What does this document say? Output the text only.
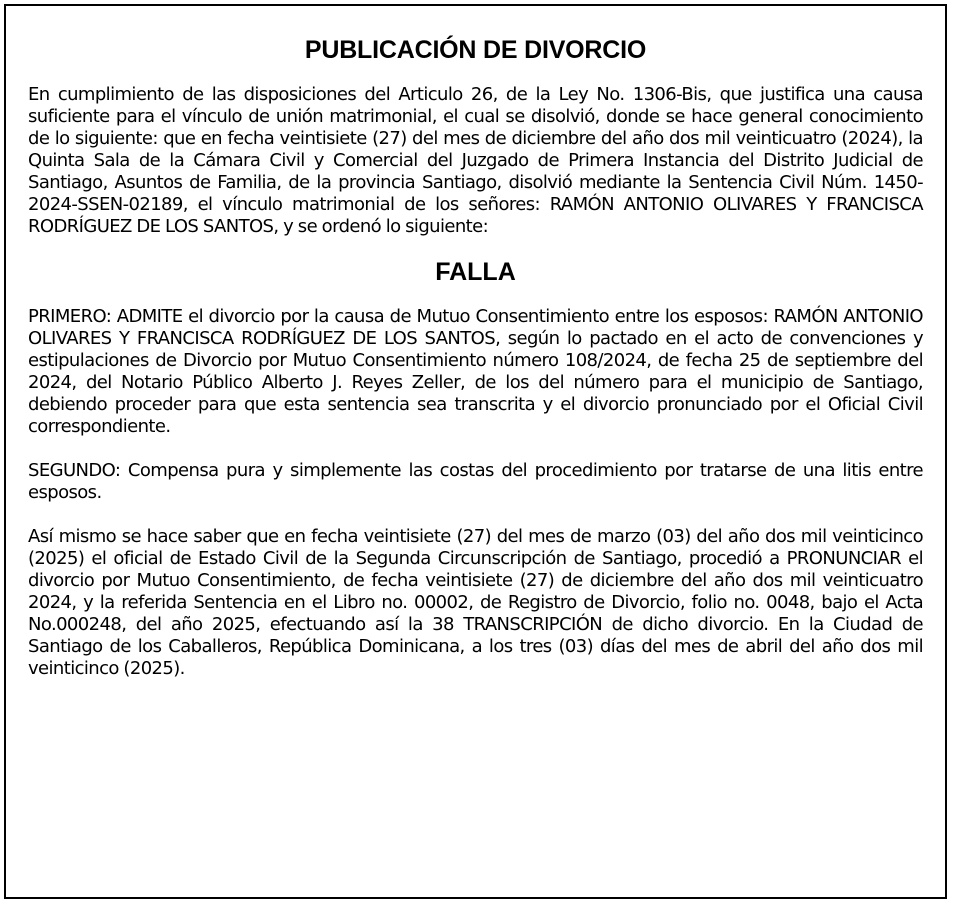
PUBLICACIÓN DE DIVORCIO

En cumplimiento de las disposiciones del Articulo 26, de la Ley No. 1306-Bis, que justifica una causa suficiente para el vínculo de unión matrimonial, el cual se disolvió, donde se hace general conocimiento de lo siguiente: que en fecha veintisiete (27) del mes de diciembre del año dos mil veinticuatro (2024), la Quinta Sala de la Cámara Civil y Comercial del Juzgado de Primera Instancia del Distrito Judicial de Santiago, Asuntos de Familia, de la provincia Santiago, disolvió mediante la Sentencia Civil Núm. 1450-2024-SSEN-02189, el vínculo matrimonial de los señores: RAMÓN ANTONIO OLIVARES Y FRANCISCA RODRÍGUEZ DE LOS SANTOS, y se ordenó lo siguiente:

FALLA

PRIMERO: ADMITE el divorcio por la causa de Mutuo Consentimiento entre los esposos: RAMÓN ANTONIO OLIVARES Y FRANCISCA RODRÍGUEZ DE LOS SANTOS, según lo pactado en el acto de convenciones y estipulaciones de Divorcio por Mutuo Consentimiento número 108/2024, de fecha 25 de septiembre del 2024, del Notario Público Alberto J. Reyes Zeller, de los del número para el municipio de Santiago, debiendo proceder para que esta sentencia sea transcrita y el divorcio pronunciado por el Oficial Civil correspondiente.

SEGUNDO: Compensa pura y simplemente las costas del procedimiento por tratarse de una litis entre esposos.

Así mismo se hace saber que en fecha veintisiete (27) del mes de marzo (03) del año dos mil veinticinco (2025) el oficial de Estado Civil de la Segunda Circunscripción de Santiago, procedió a PRONUNCIAR el divorcio por Mutuo Consentimiento, de fecha veintisiete (27) de diciembre del año dos mil veinticuatro 2024, y la referida Sentencia en el Libro no. 00002, de Registro de Divorcio, folio no. 0048, bajo el Acta No.000248, del año 2025, efectuando así la 38 TRANSCRIPCIÓN de dicho divorcio. En la Ciudad de Santiago de los Caballeros, República Dominicana, a los tres (03) días del mes de abril del año dos mil veinticinco (2025).
